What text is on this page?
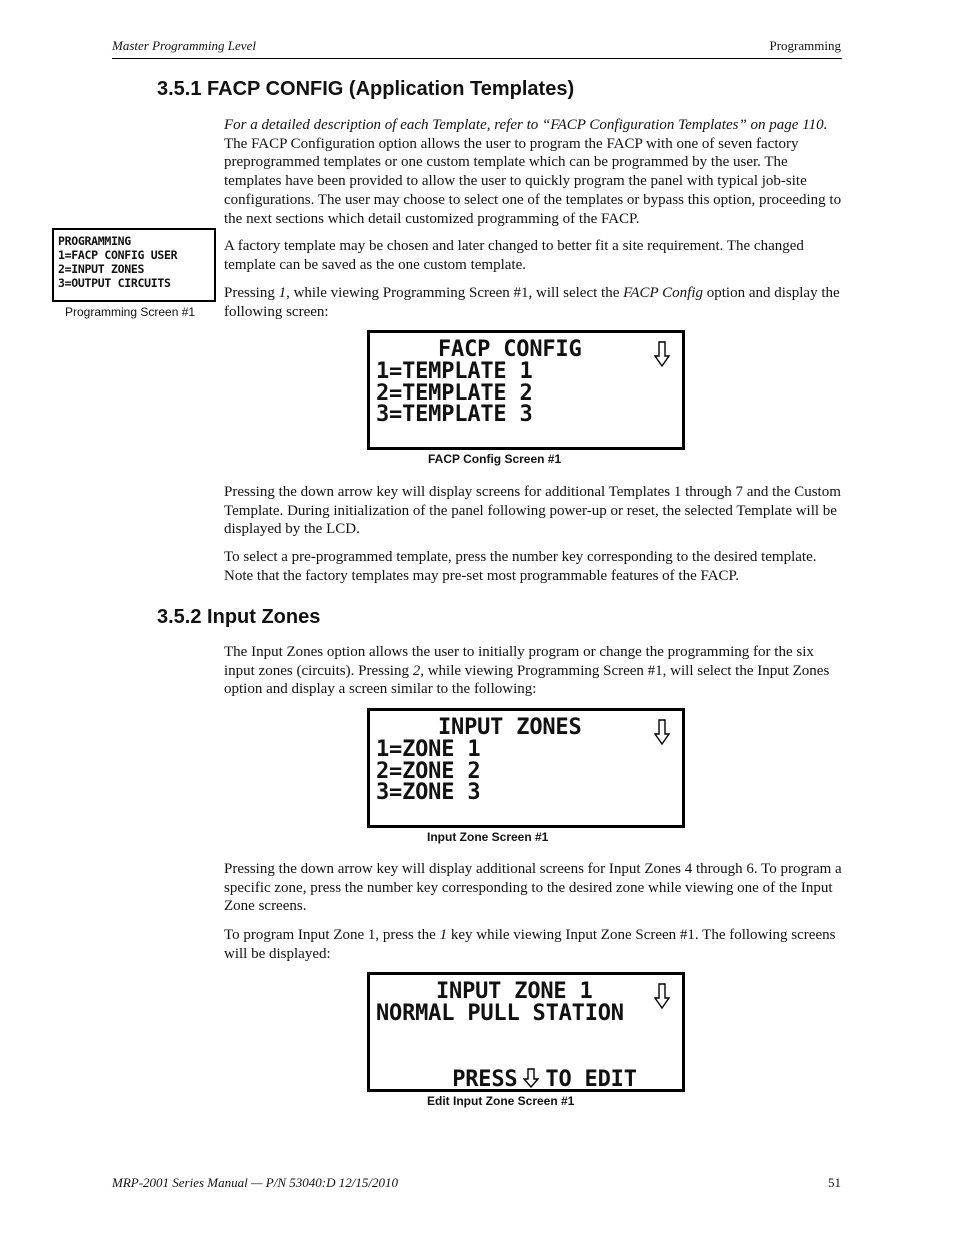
Master Programming Level	Programming
3.5.1 FACP CONFIG (Application Templates)

For a detailed description of each Template, refer to “FACP Configuration Templates” on page 110. The FACP Configuration option allows the user to program the FACP with one of seven factory preprogrammed templates or one custom template which can be programmed by the user. The templates have been provided to allow the user to quickly program the panel with typical job-site configurations. The user may choose to select one of the templates or bypass this option, proceeding to the next sections which detail customized programming of the FACP.

PROGRAMMING
1=FACP CONFIG USER
2=INPUT ZONES
3=OUTPUT CIRCUITS
Programming Screen #1

A factory template may be chosen and later changed to better fit a site requirement. The changed template can be saved as the one custom template.

Pressing 1, while viewing Programming Screen #1, will select the FACP Config option and display the following screen:

FACP CONFIG
1=TEMPLATE 1
2=TEMPLATE 2
3=TEMPLATE 3
FACP Config Screen #1

Pressing the down arrow key will display screens for additional Templates 1 through 7 and the Custom Template. During initialization of the panel following power-up or reset, the selected Template will be displayed by the LCD.

To select a pre-programmed template, press the number key corresponding to the desired template. Note that the factory templates may pre-set most programmable features of the FACP.

3.5.2 Input Zones

The Input Zones option allows the user to initially program or change the programming for the six input zones (circuits). Pressing 2, while viewing Programming Screen #1, will select the Input Zones option and display a screen similar to the following:

INPUT ZONES
1=ZONE 1
2=ZONE 2
3=ZONE 3
Input Zone Screen #1

Pressing the down arrow key will display additional screens for Input Zones 4 through 6. To program a specific zone, press the number key corresponding to the desired zone while viewing one of the Input Zone screens.

To program Input Zone 1, press the 1 key while viewing Input Zone Screen #1. The following screens will be displayed:

INPUT ZONE 1
NORMAL PULL STATION

PRESS TO EDIT

Edit Input Zone Screen #1
MRP-2001 Series Manual — P/N 53040:D 12/15/2010	51
